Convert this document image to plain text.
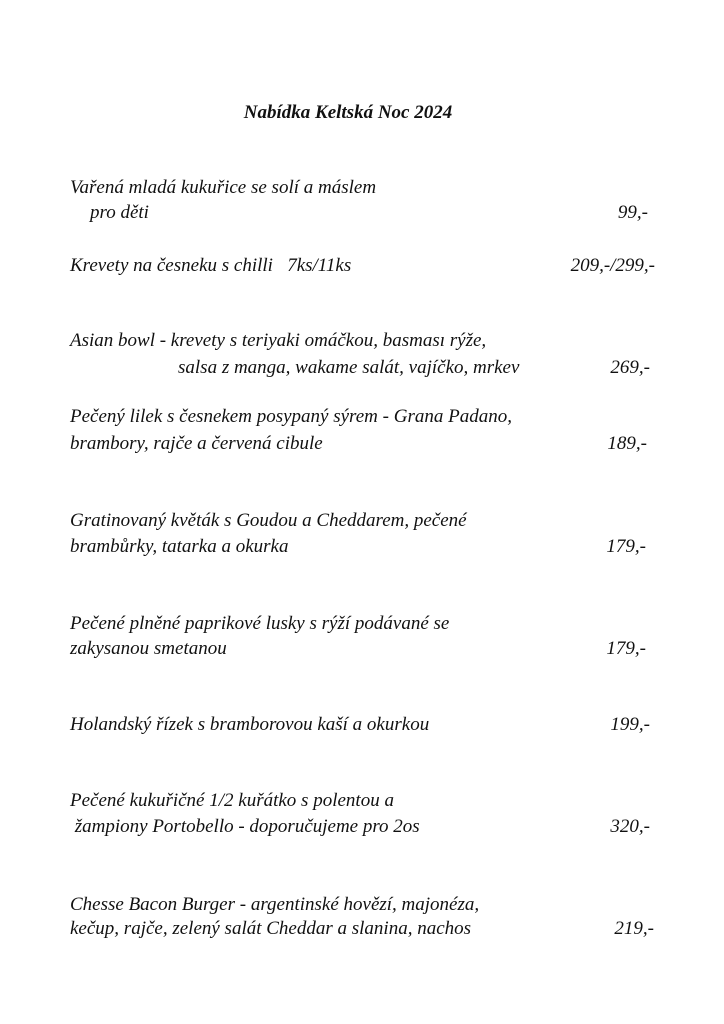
Nabídka Keltská Noc 2024
Vařená mladá kukuřice se solí a máslem
pro děti	99,-
Krevety na česneku s chilli   7ks/11ks	209,-/299,-
Asian bowl - krevety s teriyaki omáčkou, basması rýže,
salsa z manga, wakame salát, vajíčko, mrkev	269,-
Pečený lilek s česnekem posypaný sýrem - Grana Padano,
brambory, rajče a červená cibule	189,-
Gratinovaný květák s Goudou a Cheddarem, pečené
brambůrky, tatarka a okurka	179,-
Pečené plněné paprikové lusky s rýží podávané se
zakysanou smetanou	179,-
Holandský řízek s bramborovou kaší a okurkou	199,-
Pečené kukuřičné 1/2 kuřátko s polentou a
žampiony Portobello - doporučujeme pro 2os	320,-
Chesse Bacon Burger - argentinské hovězí, majonéza,
kečup, rajče, zelený salát Cheddar a slanina, nachos	219,-
